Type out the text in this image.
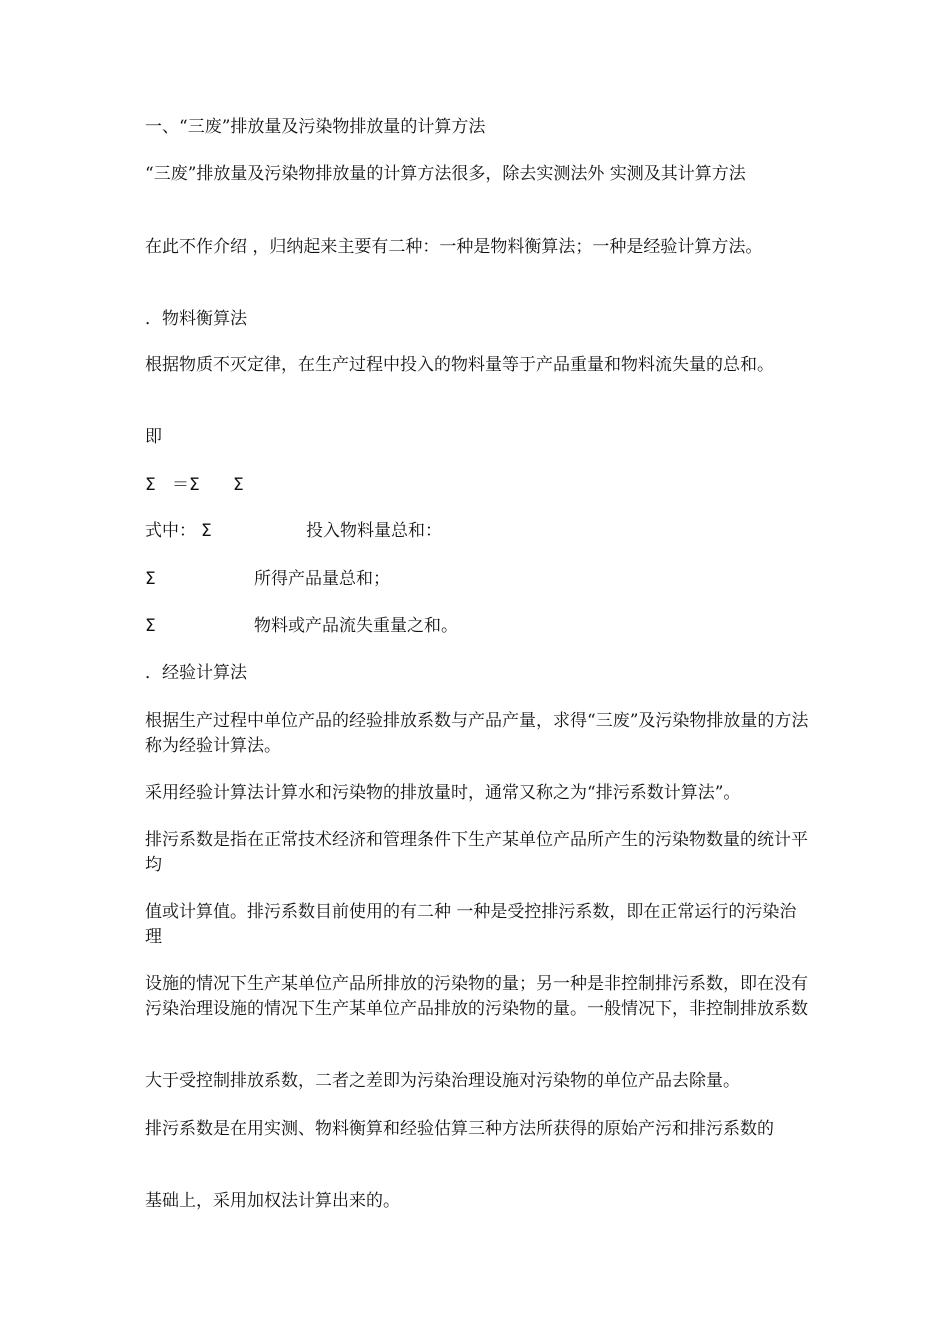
一、“三废”排放量及污染物排放量的计算方法
“三废”排放量及污染物排放量的计算方法很多，除去实测法外 实测及其计算方法
在此不作介绍 ，归纳起来主要有二种：一种是物料衡算法；一种是经验计算方法。
．物料衡算法
根据物质不灭定律，在生产过程中投入的物料量等于产品重量和物料流失量的总和。
即
Σ ＝Σ Σ
式中： Σ	投入物料量总和：
Σ	所得产品量总和；
Σ	物料或产品流失重量之和。
．经验计算法
根据生产过程中单位产品的经验排放系数与产品产量，求得“三废”及污染物排放量的方法称为经验计算法。
采用经验计算法计算水和污染物的排放量时，通常又称之为“排污系数计算法”。
排污系数是指在正常技术经济和管理条件下生产某单位产品所产生的污染物数量的统计平均
值或计算值。排污系数目前使用的有二种 一种是受控排污系数，即在正常运行的污染治理
设施的情况下生产某单位产品所排放的污染物的量；另一种是非控制排污系数，即在没有污染治理设施的情况下生产某单位产品排放的污染物的量。一般情况下，非控制排放系数
大于受控制排放系数，二者之差即为污染治理设施对污染物的单位产品去除量。
排污系数是在用实测、物料衡算和经验估算三种方法所获得的原始产污和排污系数的
基础上，采用加权法计算出来的。
